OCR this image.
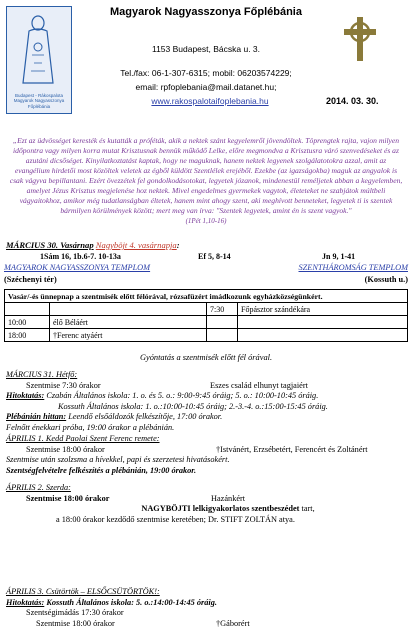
Budapest - Rákospalota Magyarok Nagyasszonya Főplébánia
Magyarok Nagyasszonya Főplébánia
1153 Budapest, Bácska u. 3.
Tel./fax: 06-1-307-6315; mobil: 06203574229;
email: rpfoplebania@mail.datanet.hu;
www.rakospalotaifoplebania.hu	2014. 03. 30.
„Ezt az üdvösséget keresték és kutatták a próféták, akik a nektek szánt kegyelemről jövendöltek. Töprengtek rajta, vajon milyen időpontra vagy milyen korra mutat Krisztusnak bennük működő Lelke, előre megmondva a Krisztusra váró szenvedéseket és az azutáni dicsőséget. Kinyilatkoztatást kaptak, hogy ne maguknak, hanem nektek legyenek szolgálatotokra azzal, amit az evangélium hirdetői most közöltek veletek az égből küldött Szentlélek erejéből. Ezekbe (az igazságokba) maguk az angyalok is csak vágyva bepillantani. Ezért övezzétek fel gondolkodásotokat, legyetek józanok, mindenestül reméljetek abban a kegyelemben, amelyet Jézus Krisztus megjelenése hoz nektek. Mivel engedelmes gyermekek vagytok, életeteket ne szabjátok múltbeli vágyaitokhoz, amikor még tudatlanságban éltetek, hanem mint ahogy szent, aki meghívott benneteket, legyetek ti is szentek bármilyen körülmények között; mert meg van írva: "Szentek legyetek, amint én is szent vagyok."
(1Pét 1,10-16)
MÁRCIUS 30. Vasárnap Nagyböjt 4. vasárnapja:
1Sám 16, 1b.6-7. 10-13a	Ef 5, 8-14	Jn 9, 1-41
MAGYAROK NAGYASSZONYA TEMPLOM	SZENTHÁROMSÁG TEMPLOM
(Széchenyi tér)	(Kossuth u.)
Vasár/-és ünnepnap a szentmisék előtt félórával, rózsafüzért imádkozunk egyházközségünkért.			
		7:30	Főpásztor szándékára
10:00	élő Béláért		
18:00	†Ferenc atyáért		
Gyóntatás a szentmisék előtt fél órával.
MÁRCIUS 31. Hétfő:
Szentmise 7:30 órakor	Eszes család elhunyt tagjaiért
Hitoktatás: Czabán Általános iskola: 1. o. és 5. o.: 9:00-9:45 óráig; 5. o.: 10:00-10:45 óráig.
Kossuth Általános iskola: 1. o.:10:00-10:45 óráig; 2.-3.-4. o.:15:00-15:45 óráig.
Plébánián hittan: Leendő elsőáldozók felkészítője, 17:00 órakor.
Felnőtt énekkari próba, 19:00 órakor a plébánián.
ÁPRILIS 1. Kedd Paolai Szent Ferenc remete:
Szentmise 18:00 órakor	†Istvánért, Erzsébetért, Ferencért és Zoltánért
Szentmise után szolzsma a hívekkel, papi és szerzetesi hivatásokért.
Szentségfelvételre felkészítés a plébánián, 19:00 órakor.
ÁPRILIS 2. Szerda:
Szentmise 18:00 órakor	Hazánkért
NAGYBÖJTI lelkigyakorlatos szentbeszédet tart,
a 18:00 órakor kezdődő szentmise keretében; Dr. STIFT ZOLTÁN atya.
ÁPRILIS 3. Csütörtök – ELSŐCSÜTÖRTÖK!:
Hitoktatás: Kossuth Általános iskola: 5. o.:14:00-14:45 óráig.
Szentségimádás 17:30 órakor
Szentmise 18:00 órakor	†Gáborért
